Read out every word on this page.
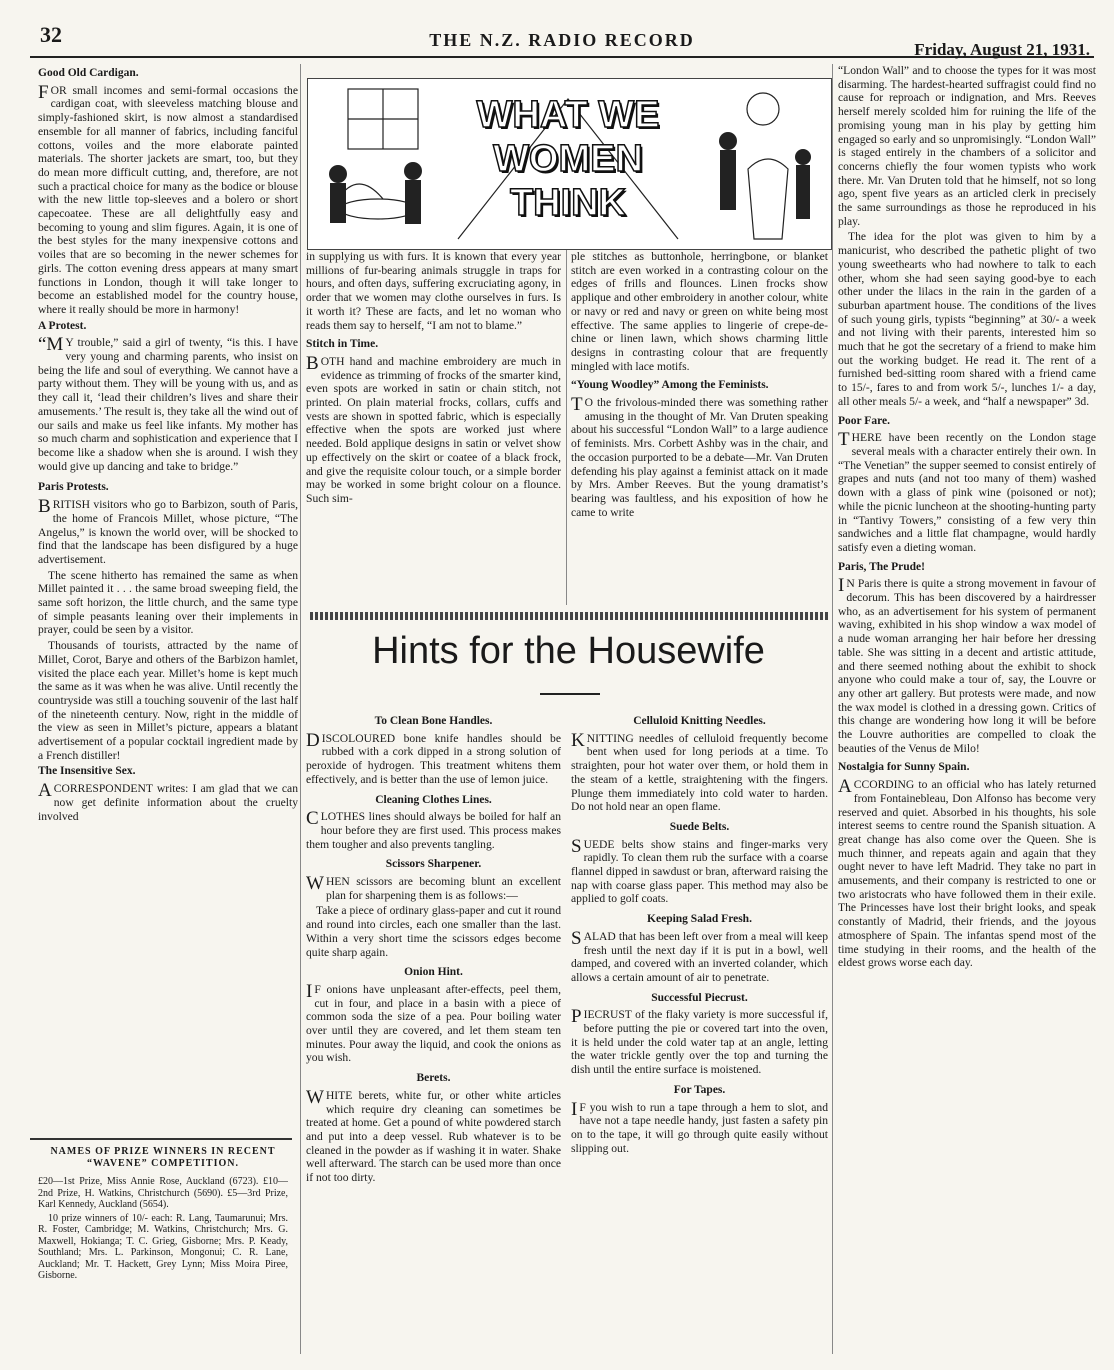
32	THE N.Z. RADIO RECORD	Friday, August 21, 1931.
Good Old Cardigan.

FOR small incomes and semi-formal occasions the cardigan coat, with sleeveless matching blouse and simply-fashioned skirt, is now almost a standardised ensemble for all manner of fabrics, including fanciful cottons, voiles and the more elaborate painted materials. The shorter jackets are smart, too, but they do mean more difficult cutting, and, therefore, are not such a practical choice for many as the bodice or blouse with the new little top-sleeves and a bolero or short capecoatee. These are all delightfully easy and becoming to young and slim figures. Again, it is one of the best styles for the many inexpensive cottons and voiles that are so becoming in the newer schemes for girls. The cotton evening dress appears at many smart functions in London, though it will take longer to become an established model for the country house, where it really should be more in harmony!

A Protest.

“M Y trouble,” said a girl of twenty, “is this. I have very young and charming parents, who insist on being the life and soul of everything. We cannot have a party without them. They will be young with us, and as they call it, ‘lead their children’s lives and share their amusements.’ The result is, they take all the wind out of our sails and make us feel like infants. My mother has so much charm and sophistication and experience that I become like a shadow when she is around. I wish they would give up dancing and take to bridge.”

Paris Protests.

BRITISH visitors who go to Barbizon, south of Paris, the home of Francois Millet, whose picture, “The Angelus,” is known the world over, will be shocked to find that the landscape has been disfigured by a huge advertisement.

The scene hitherto has remained the same as when Millet painted it . . . the same broad sweeping field, the same soft horizon, the little church, and the same type of simple peasants leaning over their implements in prayer, could be seen by a visitor.

Thousands of tourists, attracted by the name of Millet, Corot, Barye and others of the Barbizon hamlet, visited the place each year. Millet’s home is kept much the same as it was when he was alive. Until recently the countryside was still a touching souvenir of the last half of the nineteenth century. Now, right in the middle of the view as seen in Millet’s picture, appears a blatant advertisement of a popular cocktail ingredient made by a French distiller!

The Insensitive Sex.

A CORRESPONDENT writes: I am glad that we can now get definite information about the cruelty involved

NAMES OF PRIZE WINNERS IN RECENT “WAVENE” COMPETITION.

£20—1st Prize, Miss Annie Rose, Auckland (6723). £10—2nd Prize, H. Watkins, Christchurch (5690). £5—3rd Prize, Karl Kennedy, Auckland (5654).

10 prize winners of 10/- each: R. Lang, Taumarunui; Mrs. R. Foster, Cambridge; M. Watkins, Christchurch; Mrs. G. Maxwell, Hokianga; T. C. Grieg, Gisborne; Mrs. P. Keady, Southland; Mrs. L. Parkinson, Mongonui; C. R. Lane, Auckland; Mr. T. Hackett, Grey Lynn; Miss Moira Piree, Gisborne.

WHAT WE
WOMEN
THINK

in supplying us with furs. It is known that every year millions of fur-bearing animals struggle in traps for hours, and often days, suffering excruciating agony, in order that we women may clothe ourselves in furs. Is it worth it? These are facts, and let no woman who reads them say to herself, “I am not to blame.”

Stitch in Time.

BOTH hand and machine embroidery are much in evidence as trimming of frocks of the smarter kind, even spots are worked in satin or chain stitch, not printed. On plain material frocks, collars, cuffs and vests are shown in spotted fabric, which is especially effective when the spots are worked just where needed. Bold applique designs in satin or velvet show up effectively on the skirt or coatee of a black frock, and give the requisite colour touch, or a simple border may be worked in some bright colour on a flounce. Such sim-

ple stitches as buttonhole, herringbone, or blanket stitch are even worked in a contrasting colour on the edges of frills and flounces. Linen frocks show applique and other embroidery in another colour, white or navy or red and navy or green on white being most effective. The same applies to lingerie of crepe-de-chine or linen lawn, which shows charming little designs in contrasting colour that are frequently mingled with lace motifs.

“Young Woodley” Among the Feminists.

T O the frivolous-minded there was something rather amusing in the thought of Mr. Van Druten speaking about his successful “London Wall” to a large audience of feminists. Mrs. Corbett Ashby was in the chair, and the occasion purported to be a debate—Mr. Van Druten defending his play against a feminist attack on it made by Mrs. Amber Reeves. But the young dramatist’s bearing was faultless, and his exposition of how he came to write

“London Wall” and to choose the types for it was most disarming. The hardest-hearted suffragist could find no cause for reproach or indignation, and Mrs. Reeves herself merely scolded him for ruining the life of the promising young man in his play by getting him engaged so early and so unpromisingly. “London Wall” is staged entirely in the chambers of a solicitor and concerns chiefly the four women typists who work there. Mr. Van Druten told that he himself, not so long ago, spent five years as an articled clerk in precisely the same surroundings as those he reproduced in his play.

The idea for the plot was given to him by a manicurist, who described the pathetic plight of two young sweethearts who had nowhere to talk to each other, whom she had seen saying good-bye to each other under the lilacs in the rain in the garden of a suburban apartment house. The conditions of the lives of such young girls, typists “beginning” at 30/- a week and not living with their parents, interested him so much that he got the secretary of a friend to make him out the working budget. He read it. The rent of a furnished bed-sitting room shared with a friend came to 15/-, fares to and from work 5/-, lunches 1/- a day, all other meals 5/- a week, and “half a newspaper” 3d.

Poor Fare.

THERE have been recently on the London stage several meals with a character entirely their own. In “The Venetian” the supper seemed to consist entirely of grapes and nuts (and not too many of them) washed down with a glass of pink wine (poisoned or not); while the picnic luncheon at the shooting-hunting party in “Tantivy Towers,” consisting of a few very thin sandwiches and a little flat champagne, would hardly satisfy even a dieting woman.

Paris, The Prude!

I N Paris there is quite a strong movement in favour of decorum. This has been discovered by a hairdresser who, as an advertisement for his system of permanent waving, exhibited in his shop window a wax model of a nude woman arranging her hair before her dressing table. She was sitting in a decent and artistic attitude, and there seemed nothing about the exhibit to shock anyone who could make a tour of, say, the Louvre or any other art gallery. But protests were made, and now the wax model is clothed in a dressing gown. Critics of this change are wondering how long it will be before the Louvre authorities are compelled to cloak the beauties of the Venus de Milo!

Nostalgia for Sunny Spain.

ACCORDING to an official who has lately returned from Fontainebleau, Don Alfonso has become very reserved and quiet. Absorbed in his thoughts, his sole interest seems to centre round the Spanish situation. A great change has also come over the Queen. She is much thinner, and repeats again and again that they ought never to have left Madrid. They take no part in amusements, and their company is restricted to one or two aristocrats who have followed them in their exile. The Princesses have lost their bright looks, and speak constantly of Madrid, their friends, and the joyous atmosphere of Spain. The infantas spend most of the time studying in their rooms, and the health of the eldest grows worse each day.

Hints for the Housewife
To Clean Bone Handles.

DISCOLOURED bone knife handles should be rubbed with a cork dipped in a strong solution of peroxide of hydrogen. This treatment whitens them effectively, and is better than the use of lemon juice.

Cleaning Clothes Lines.

CLOTHES lines should always be boiled for half an hour before they are first used. This process makes them tougher and also prevents tangling.

Scissors Sharpener.

WHEN scissors are becoming blunt an excellent plan for sharpening them is as follows:—

Take a piece of ordinary glass-paper and cut it round and round into circles, each one smaller than the last. Within a very short time the scissors edges become quite sharp again.

Onion Hint.

I F onions have unpleasant after-effects, peel them, cut in four, and place in a basin with a piece of common soda the size of a pea. Pour boiling water over until they are covered, and let them steam ten minutes. Pour away the liquid, and cook the onions as you wish.

Berets.

WHITE berets, white fur, or other white articles which require dry cleaning can sometimes be treated at home. Get a pound of white powdered starch and put into a deep vessel. Rub whatever is to be cleaned in the powder as if washing it in water. Shake well afterward. The starch can be used more than once if not too dirty.

Celluloid Knitting Needles.

KNITTING needles of celluloid frequently become bent when used for long periods at a time. To straighten, pour hot water over them, or hold them in the steam of a kettle, straightening with the fingers. Plunge them immediately into cold water to harden. Do not hold near an open flame.

Suede Belts.

SUEDE belts show stains and finger-marks very rapidly. To clean them rub the surface with a coarse flannel dipped in sawdust or bran, afterward raising the nap with coarse glass paper. This method may also be applied to golf coats.

Keeping Salad Fresh.

SALAD that has been left over from a meal will keep fresh until the next day if it is put in a bowl, well damped, and covered with an inverted colander, which allows a certain amount of air to penetrate.

Successful Piecrust.

PIECRUST of the flaky variety is more successful if, before putting the pie or covered tart into the oven, it is held under the cold water tap at an angle, letting the water trickle gently over the top and turning the dish until the entire surface is moistened.

For Tapes.

I F you wish to run a tape through a hem to slot, and have not a tape needle handy, just fasten a safety pin on to the tape, it will go through quite easily without slipping out.
